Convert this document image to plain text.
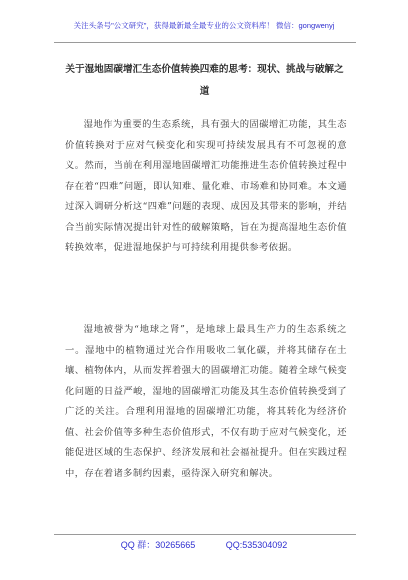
关注头条号"公文研究"，获得最新最全最专业的公文资料库！ 微信：gongwenyj
关于湿地固碳增汇生态价值转换四难的思考：现状、挑战与破解之道

湿地作为重要的生态系统，具有强大的固碳增汇功能，其生态价值转换对于应对气候变化和实现可持续发展具有不可忽视的意义。然而，当前在利用湿地固碳增汇功能推进生态价值转换过程中存在着“四难”问题，即认知难、量化难、市场难和协同难。本文通过深入调研分析这“四难”问题的表现、成因及其带来的影响，并结合当前实际情况提出针对性的破解策略，旨在为提高湿地生态价值转换效率，促进湿地保护与可持续利用提供参考依据。

湿地被誉为“地球之肾”，是地球上最具生产力的生态系统之一。湿地中的植物通过光合作用吸收二氧化碳，并将其储存在土壤、植物体内，从而发挥着强大的固碳增汇功能。随着全球气候变化问题的日益严峻，湿地的固碳增汇功能及其生态价值转换受到了广泛的关注。合理利用湿地的固碳增汇功能，将其转化为经济价值、社会价值等多种生态价值形式，不仅有助于应对气候变化，还能促进区域的生态保护、经济发展和社会福祉提升。但在实践过程中，存在着诸多制约因素，亟待深入研究和解决。

QQ 群：30265665	QQ:535304092
